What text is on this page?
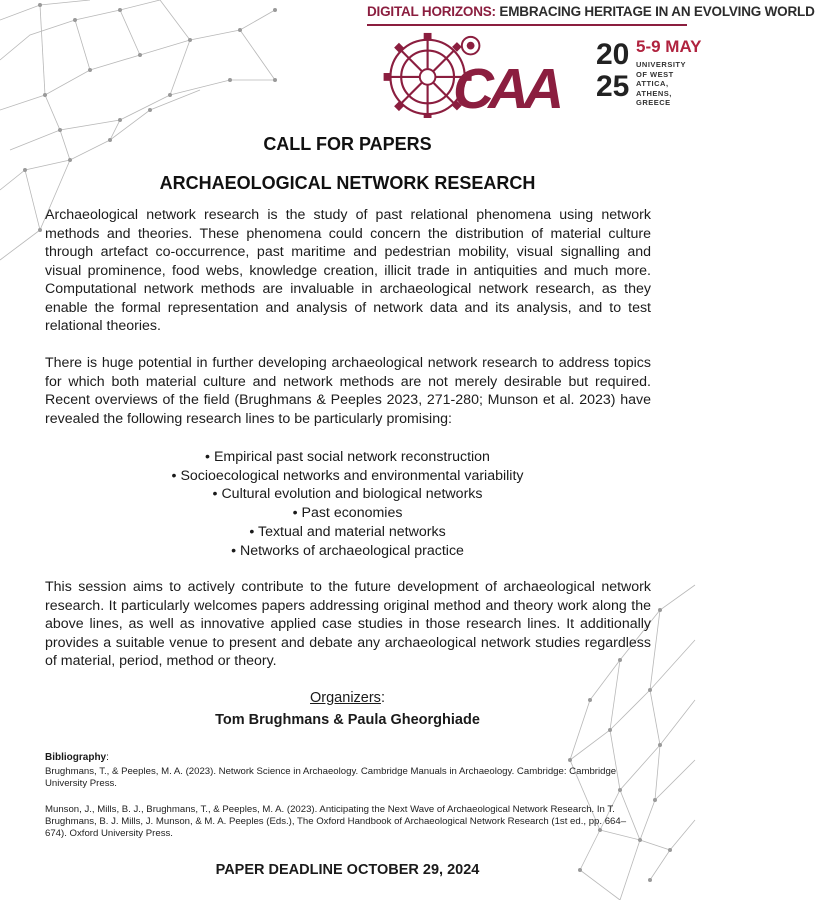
DIGITAL HORIZONS: EMBRACING HERITAGE IN AN EVOLVING WORLD
CAA
20
25
5-9 MAY
UNIVERSITY
OF WEST ATTICA,
ATHENS, GREECE
CALL FOR PAPERS
ARCHAEOLOGICAL NETWORK RESEARCH

Archaeological network research is the study of past relational phenomena using network methods and theories. These phenomena could concern the distribution of material culture through artefact co-occurrence, past maritime and pedestrian mobility, visual signalling and visual prominence, food webs, knowledge creation, illicit trade in antiquities and much more. Computational network methods are invaluable in archaeological network research, as they enable the formal representation and analysis of network data and its analysis, and to test relational theories.

There is huge potential in further developing archaeological network research to address topics for which both material culture and network methods are not merely desirable but required. Recent overviews of the field (Brughmans & Peeples 2023, 271-280; Munson et al. 2023) have revealed the following research lines to be particularly promising:

• Empirical past social network reconstruction
• Socioecological networks and environmental variability
• Cultural evolution and biological networks
• Past economies
• Textual and material networks
• Networks of archaeological practice

This session aims to actively contribute to the future development of archaeological network research. It particularly welcomes papers addressing original method and theory work along the above lines, as well as innovative applied case studies in those research lines. It additionally provides a suitable venue to present and debate any archaeological network studies regardless of material, period, method or theory.

Organizers:
Tom Brughmans & Paula Gheorghiade
Bibliography:
Brughmans, T., & Peeples, M. A. (2023). Network Science in Archaeology. Cambridge Manuals in Archaeology. Cambridge: Cambridge University Press.
Munson, J., Mills, B. J., Brughmans, T., & Peeples, M. A. (2023). Anticipating the Next Wave of Archaeological Network Research. In T. Brughmans, B. J. Mills, J. Munson, & M. A. Peeples (Eds.), The Oxford Handbook of Archaeological Network Research (1st ed., pp. 664–674). Oxford University Press.
PAPER DEADLINE OCTOBER 29, 2024
